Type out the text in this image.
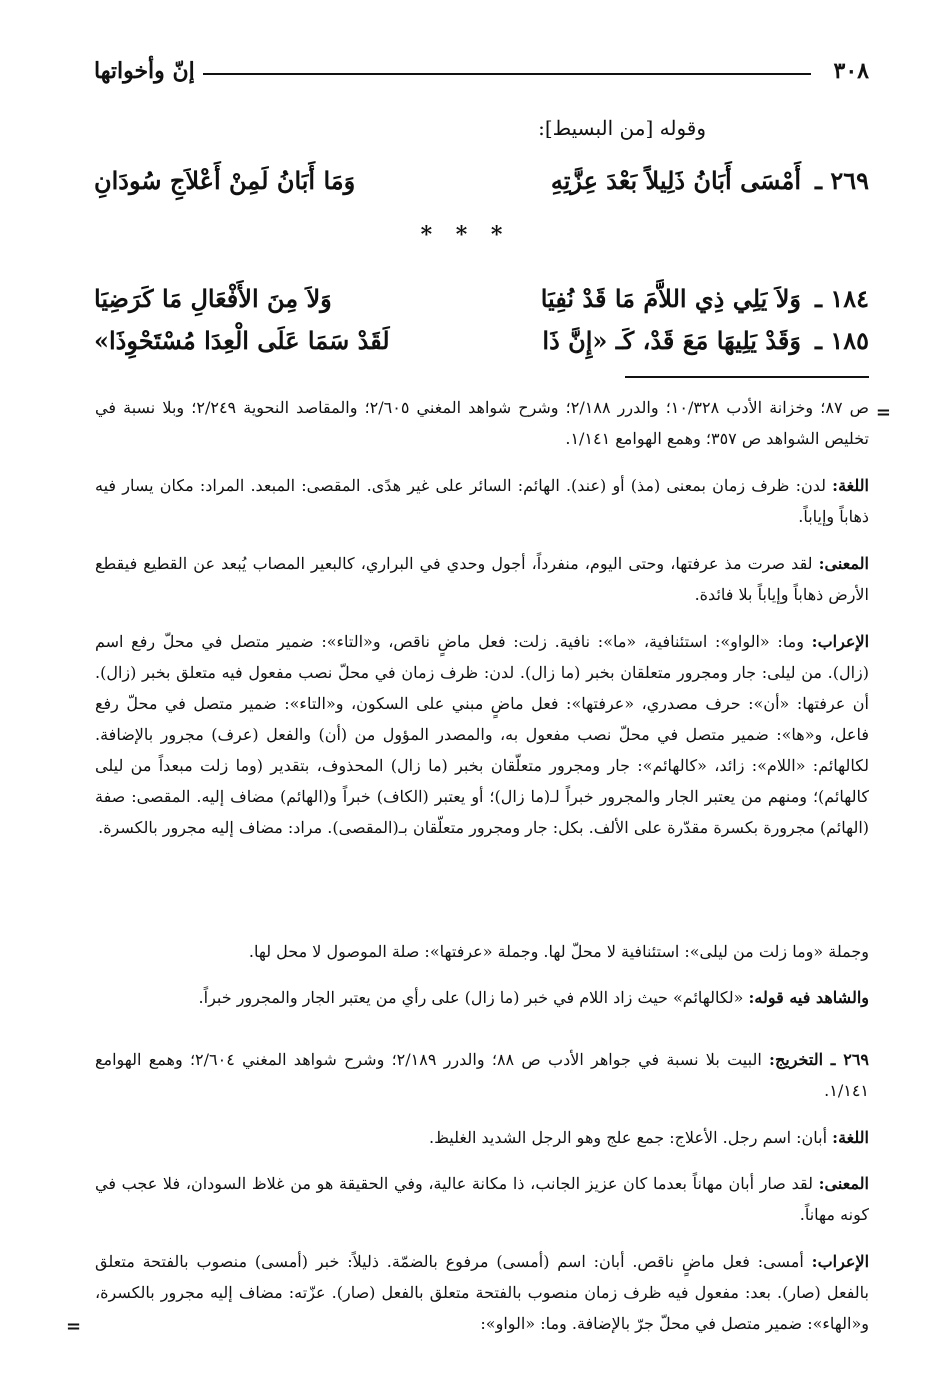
٣٠٨
إنّ وأخواتها
وقوله [من البسيط]:
٢٦٩ ـ
أَمْسَى أَبَانُ ذَلِيلاً بَعْدَ عِزَّتِهِ
وَمَا أَبَانُ لَمِنْ أَعْلاَجِ سُودَانِ
* * *
١٨٤ ـ
وَلاَ يَلِي ذِي اللاَّمَ مَا قَدْ نُفِيَا
وَلاَ مِنَ الأَفْعَالِ مَا كَرَضِيَا
١٨٥ ـ
وَقَدْ يَلِيهَا مَعَ قَدْ، كَـ «إِنَّ ذَا
لَقَدْ سَمَا عَلَى الْعِدَا مُسْتَحْوِذَا»
=
ص ٨٧؛ وخزانة الأدب ١٠/٣٢٨؛ والدرر ٢/١٨٨؛ وشرح شواهد المغني ٢/٦٠٥؛ والمقاصد النحوية ٢/٢٤٩؛ وبلا نسبة في تخليص الشواهد ص ٣٥٧؛ وهمع الهوامع ١/١٤١.
اللغة: لدن: ظرف زمان بمعنى (مذ) أو (عند). الهائم: السائر على غير هدًى. المقصى: المبعد. المراد: مكان يسار فيه ذهاباً وإياباً.
المعنى: لقد صرت مذ عرفتها، وحتى اليوم، منفرداً، أجول وحدي في البراري، كالبعير المصاب يُبعد عن القطيع فيقطع الأرض ذهاباً وإياباً بلا فائدة.
الإعراب: وما: «الواو»: استئنافية، «ما»: نافية. زلت: فعل ماضٍ ناقص، و«التاء»: ضمير متصل في محلّ رفع اسم (زال). من ليلى: جار ومجرور متعلقان بخبر (ما زال). لدن: ظرف زمان في محلّ نصب مفعول فيه متعلق بخبر (زال). أن عرفتها: «أن»: حرف مصدري، «عرفتها»: فعل ماضٍ مبني على السكون، و«التاء»: ضمير متصل في محلّ رفع فاعل، و«ها»: ضمير متصل في محلّ نصب مفعول به، والمصدر المؤول من (أن) والفعل (عرف) مجرور بالإضافة. لكالهائم: «اللام»: زائد، «كالهائم»: جار ومجرور متعلّقان بخبر (ما زال) المحذوف، بتقدير (وما زلت مبعداً من ليلى كالهائم)؛ ومنهم من يعتبر الجار والمجرور خبراً لـ(ما زال)؛ أو يعتبر (الكاف) خبراً و(الهائم) مضاف إليه. المقصى: صفة (الهائم) مجرورة بكسرة مقدّرة على الألف. بكل: جار ومجرور متعلّقان بـ(المقصى). مراد: مضاف إليه مجرور بالكسرة.
وجملة «وما زلت من ليلى»: استئنافية لا محلّ لها. وجملة «عرفتها»: صلة الموصول لا محل لها.
والشاهد فيه قوله: «لكالهائم» حيث زاد اللام في خبر (ما زال) على رأي من يعتبر الجار والمجرور خبراً.
٢٦٩ ـ التخريج: البيت بلا نسبة في جواهر الأدب ص ٨٨؛ والدرر ٢/١٨٩؛ وشرح شواهد المغني ٢/٦٠٤؛ وهمع الهوامع ١/١٤١.
اللغة: أبان: اسم رجل. الأعلاج: جمع علج وهو الرجل الشديد الغليظ.
المعنى: لقد صار أبان مهاناً بعدما كان عزيز الجانب، ذا مكانة عالية، وفي الحقيقة هو من غلاظ السودان، فلا عجب في كونه مهاناً.
الإعراب: أمسى: فعل ماضٍ ناقص. أبان: اسم (أمسى) مرفوع بالضمّة. ذليلاً: خبر (أمسى) منصوب بالفتحة متعلق بالفعل (صار). بعد: مفعول فيه ظرف زمان منصوب بالفتحة متعلق بالفعل (صار). عزّته: مضاف إليه مجرور بالكسرة، و«الهاء»: ضمير متصل في محلّ جرّ بالإضافة. وما: «الواو»:
=
